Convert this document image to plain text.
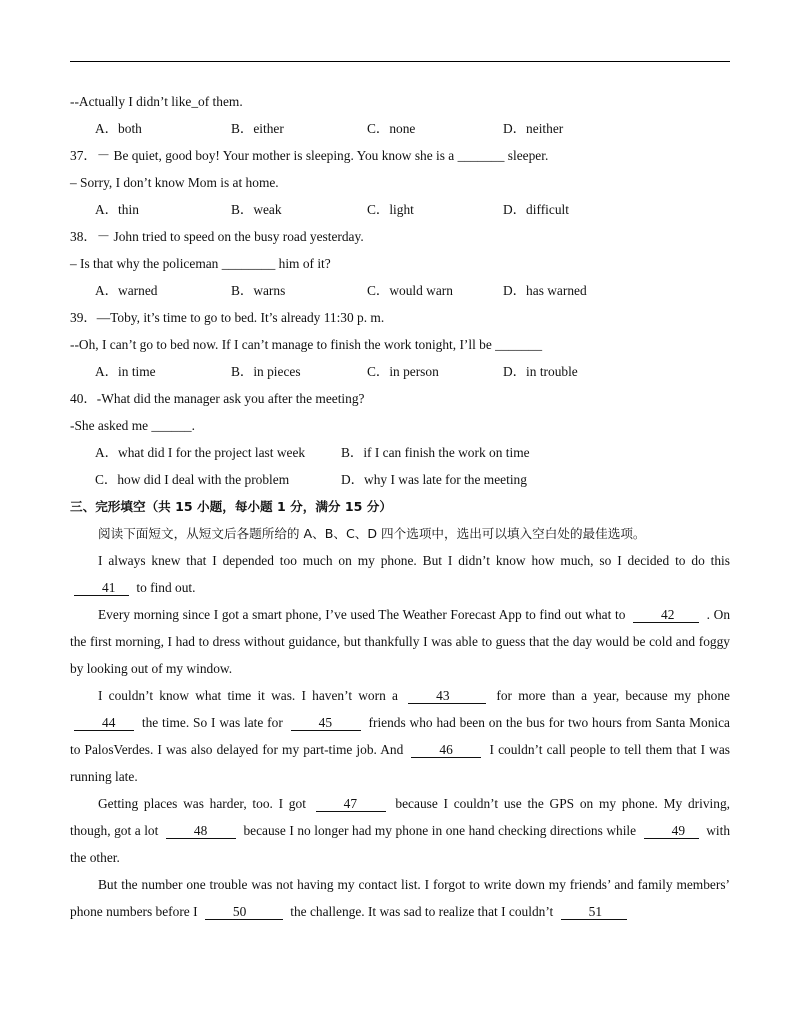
--Actually I didn’t like_of them.
A．both	B．either	C．none	D．neither
37．－ Be quiet, good boy! Your mother is sleeping. You know she is a _______ sleeper.
– Sorry, I don’t know Mom is at home.
A．thin	B．weak	C．light	D．difficult
38．－ John tried to speed on the busy road yesterday.
– Is that why the policeman ________ him of it?
A．warned	B．warns	C．would warn	D．has warned
39．—Toby, it’s time to go to bed. It’s already 11:30 p. m.
--Oh, I can’t go to bed now. If I can’t manage to finish the work tonight, I’ll be _______
A．in time	B．in pieces	C．in person	D．in trouble
40．-What did the manager ask you after the meeting?
-She asked me ______.
A．what did I for the project last week	B．if I can finish the work on time
C．how did I deal with the problem	D．why I was late for the meeting
三、完形填空（共 15 小题，每小题 1 分，满分 15 分）
阅读下面短文，从短文后各题所给的 A、B、C、D 四个选项中，选出可以填入空白处的最佳选项。
I always knew that I depended too much on my phone. But I didn’t know how much, so I decided to do this 41 to find out.
Every morning since I got a smart phone, I’ve used The Weather Forecast App to find out what to	42 . On the first morning, I had to dress without guidance, but thankfully I was able to guess that the day would be cold and foggy by looking out of my window.
I couldn’t know what time it was. I haven’t worn a	43	for more than a year, because my phone 44 the time. So I was late for	45	friends who had been on the bus for two hours from Santa Monica to PalosVerdes. I was also delayed for my part-time job. And	46	I couldn’t call people to tell them that I was running late.
Getting places was harder, too. I got	47	because I couldn’t use the GPS on my phone. My driving, though, got a lot	48	because I no longer had my phone in one hand checking directions while	49 with the other.
But the number one trouble was not having my contact list. I forgot to write down my friends’ and family members’ phone numbers before I	50	the challenge. It was sad to realize that I couldn’t	51
